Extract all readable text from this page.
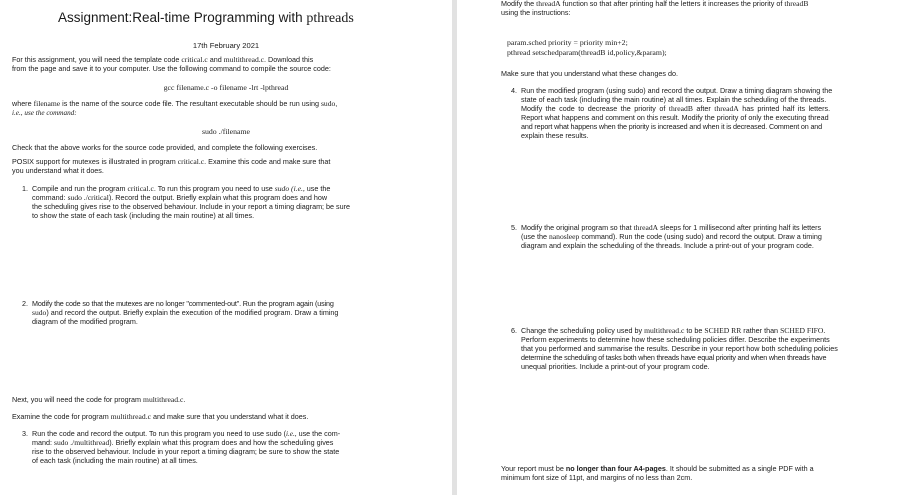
Assignment:Real-time Programming with pthreads
17th February 2021
For this assignment, you will need the template code critical.c and multithread.c. Download this
from the page and save it to your computer. Use the following command to compile the source code:
gcc filename.c -o filename -lrt -lpthread
where filename is the name of the source code file. The resultant executable should be run using sudo,
i.e., use the command:
sudo ./filename
Check that the above works for the source code provided, and complete the following exercises.
POSIX support for mutexes is illustrated in program critical.c. Examine this code and make sure that
you understand what it does.
1. Compile and run the program critical.c. To run this program you need to use sudo (i.e., use the
command: sudo ./critical). Record the output. Briefly explain what this program does and how
the scheduling gives rise to the observed behaviour. Include in your report a timing diagram; be sure
to show the state of each task (including the main routine) at all times.
2. Modify the code so that the mutexes are no longer "commented-out". Run the program again (using
sudo) and record the output. Briefly explain the execution of the modified program. Draw a timing
diagram of the modified program.
Next, you will need the code for program multithread.c.
Examine the code for program multithread.c and make sure that you understand what it does.
3. Run the code and record the output. To run this program you need to use sudo (i.e., use the com-
mand: sudo ./multithread). Briefly explain what this program does and how the scheduling gives
rise to the observed behaviour. Include in your report a timing diagram; be sure to show the state
of each task (including the main routine) at all times.
Modify the threadA function so that after printing half the letters it increases the priority of threadB
using the instructions:
param.sched priority = priority min+2;
pthread setschedparam(threadB id,policy,&param);
Make sure that you understand what these changes do.
4. Run the modified program (using sudo) and record the output. Draw a timing diagram showing the
state of each task (including the main routine) at all times. Explain the scheduling of the threads.
Modify the code to decrease the priority of threadB after threadA has printed half its letters.
Report what happens and comment on this result. Modify the priority of only the executing thread
and report what happens when the priority is increased and when it is decreased. Comment on and
explain these results.
5. Modify the original program so that threadA sleeps for 1 millisecond after printing half its letters
(use the nanosleep command). Run the code (using sudo) and record the output. Draw a timing
diagram and explain the scheduling of the threads. Include a print-out of your program code.
6. Change the scheduling policy used by multithread.c to be SCHED RR rather than SCHED FIFO.
Perform experiments to determine how these scheduling policies differ. Describe the experiments
that you performed and summarise the results. Describe in your report how both scheduling policies
determine the scheduling of tasks both when threads have equal priority and when when threads have
unequal priorities. Include a print-out of your program code.
Your report must be no longer than four A4-pages. It should be submitted as a single PDF with a
minimum font size of 11pt, and margins of no less than 2cm.
